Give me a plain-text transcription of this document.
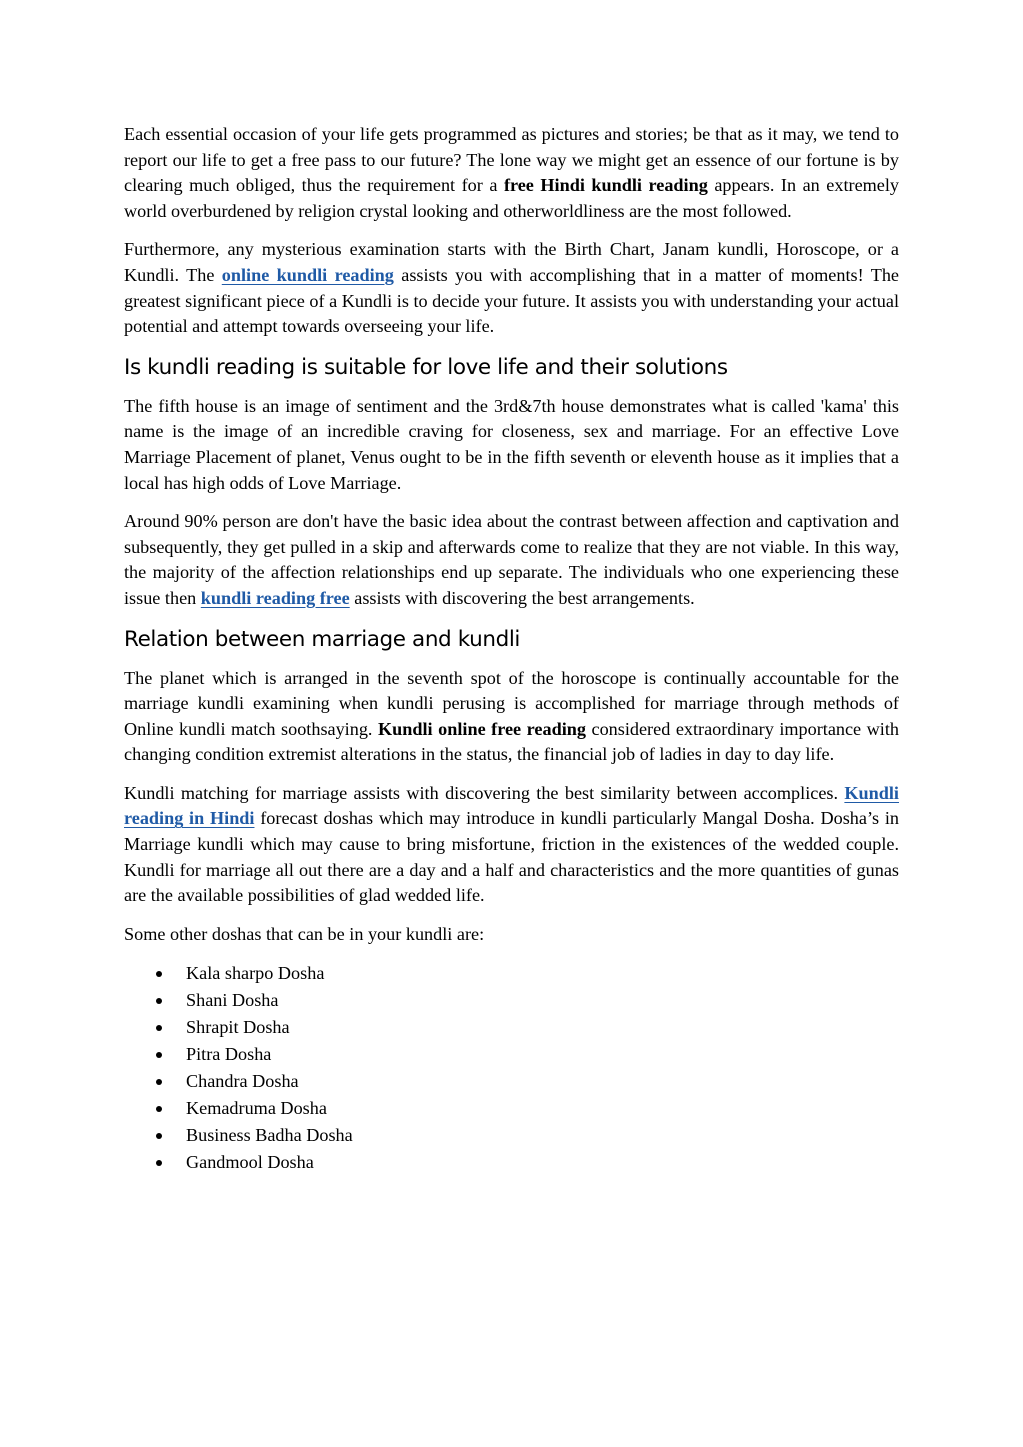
Each essential occasion of your life gets programmed as pictures and stories; be that as it may, we tend to report our life to get a free pass to our future? The lone way we might get an essence of our fortune is by clearing much obliged, thus the requirement for a free Hindi kundli reading appears. In an extremely world overburdened by religion crystal looking and otherworldliness are the most followed.

Furthermore, any mysterious examination starts with the Birth Chart, Janam kundli, Horoscope, or a Kundli. The online kundli reading assists you with accomplishing that in a matter of moments! The greatest significant piece of a Kundli is to decide your future. It assists you with understanding your actual potential and attempt towards overseeing your life.

Is kundli reading is suitable for love life and their solutions

The fifth house is an image of sentiment and the 3rd&7th house demonstrates what is called 'kama' this name is the image of an incredible craving for closeness, sex and marriage. For an effective Love Marriage Placement of planet, Venus ought to be in the fifth seventh or eleventh house as it implies that a local has high odds of Love Marriage.

Around 90% person are don't have the basic idea about the contrast between affection and captivation and subsequently, they get pulled in a skip and afterwards come to realize that they are not viable. In this way, the majority of the affection relationships end up separate. The individuals who one experiencing these issue then kundli reading free assists with discovering the best arrangements.

Relation between marriage and kundli

The planet which is arranged in the seventh spot of the horoscope is continually accountable for the marriage kundli examining when kundli perusing is accomplished for marriage through methods of Online kundli match soothsaying. Kundli online free reading considered extraordinary importance with changing condition extremist alterations in the status, the financial job of ladies in day to day life.

Kundli matching for marriage assists with discovering the best similarity between accomplices. Kundli reading in Hindi forecast doshas which may introduce in kundli particularly Mangal Dosha. Dosha’s in Marriage kundli which may cause to bring misfortune, friction in the existences of the wedded couple. Kundli for marriage all out there are a day and a half and characteristics and the more quantities of gunas are the available possibilities of glad wedded life.

Some other doshas that can be in your kundli are:

Kala sharpo Dosha
Shani Dosha
Shrapit Dosha
Pitra Dosha
Chandra Dosha
Kemadruma Dosha
Business Badha Dosha
Gandmool Dosha
